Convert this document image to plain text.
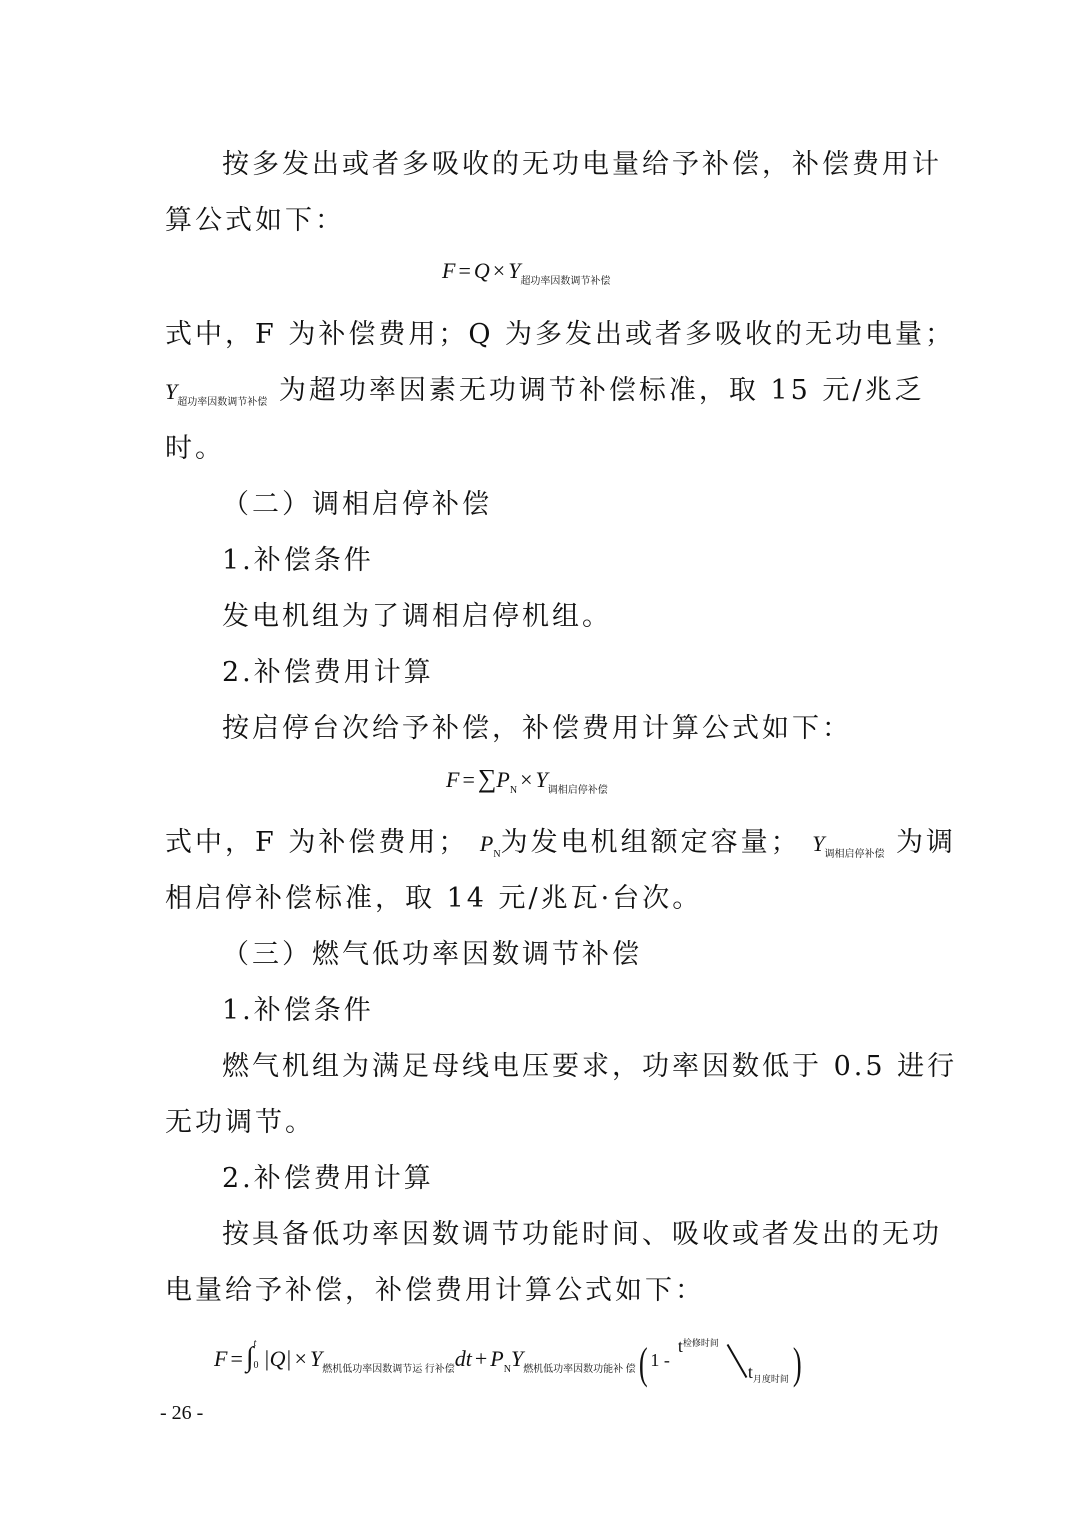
按多发出或者多吸收的无功电量给予补偿，补偿费用计
算公式如下：
$F = Q \times Y_{超功率因数调节补偿}$
式中，F 为补偿费用；Q 为多发出或者多吸收的无功电量；
$Y_{超功率因数调节补偿}$ 为超功率因素无功调节补偿标准，取 15 元/兆乏
时。
（二）调相启停补偿
1.补偿条件
发电机组为了调相启停机组。
2.补偿费用计算
按启停台次给予补偿，补偿费用计算公式如下：
$F = \sum P_N \times Y_{调相启停补偿}$
式中，F 为补偿费用； $P_N$为发电机组额定容量； $Y_{调相启停补偿}$ 为调
相启停补偿标准，取 14 元/兆瓦·台次。
（三）燃气低功率因数调节补偿
1.补偿条件
燃气机组为满足母线电压要求，功率因数低于 0.5 进行
无功调节。
2.补偿费用计算
按具备低功率因数调节功能时间、吸收或者发出的无功
电量给予补偿，补偿费用计算公式如下：
F = ∫ t
0 $|Q| \times Y_{燃机低功率因数调节运 行补偿}dt + P_NY_{燃机低功率因数功能补 偿}$( 1 -
$t^{检修时间}$
$t_{月度时间}$ )
- 26 -
